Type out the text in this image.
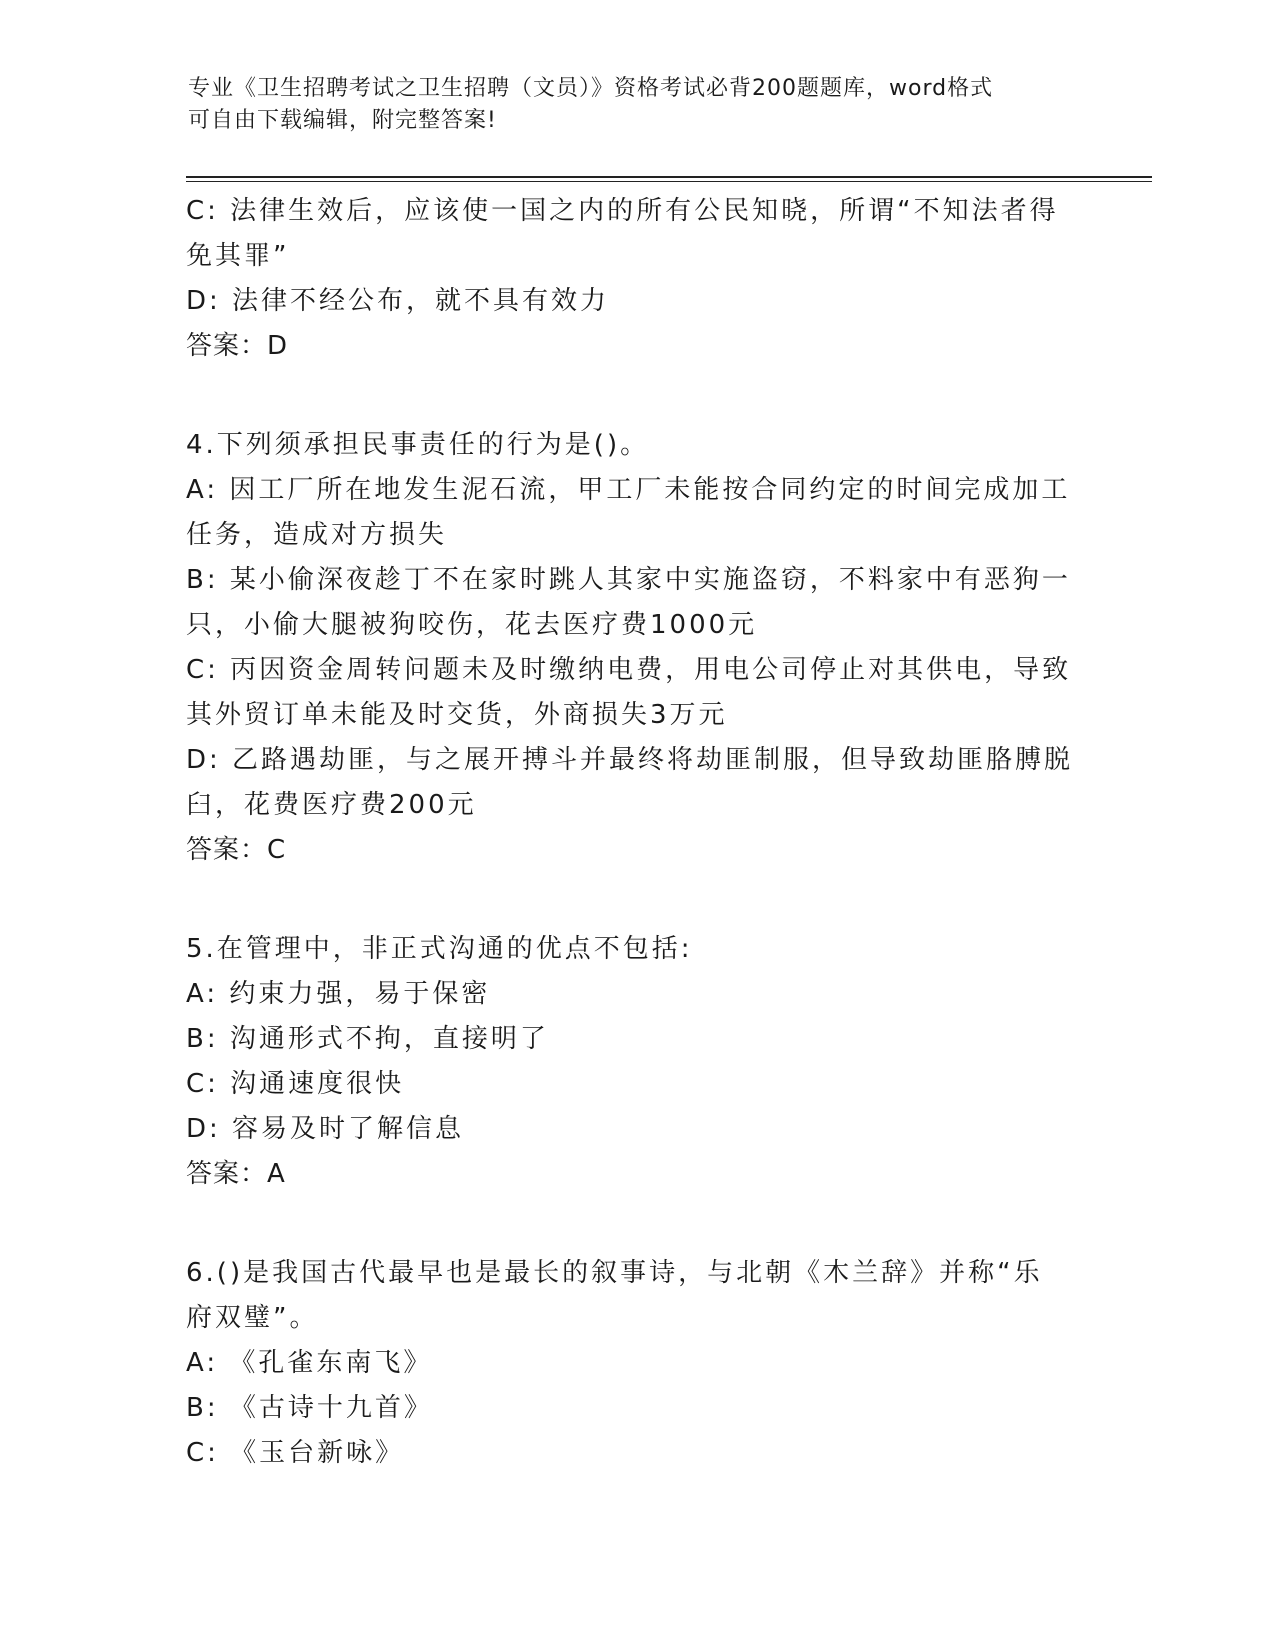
专业《卫生招聘考试之卫生招聘（文员）》资格考试必背200题题库，word格式
可自由下载编辑，附完整答案!
C: 法律生效后，应该使一国之内的所有公民知晓，所谓“不知法者得
免其罪”
D: 法律不经公布，就不具有效力
答案：D
4.下列须承担民事责任的行为是()。
A: 因工厂所在地发生泥石流，甲工厂未能按合同约定的时间完成加工
任务，造成对方损失
B: 某小偷深夜趁丁不在家时跳人其家中实施盗窃，不料家中有恶狗一
只，小偷大腿被狗咬伤，花去医疗费1000元
C: 丙因资金周转问题未及时缴纳电费，用电公司停止对其供电，导致
其外贸订单未能及时交货，外商损失3万元
D: 乙路遇劫匪，与之展开搏斗并最终将劫匪制服，但导致劫匪胳膊脱
臼，花费医疗费200元
答案：C
5.在管理中，非正式沟通的优点不包括:
A: 约束力强，易于保密
B: 沟通形式不拘，直接明了
C: 沟通速度很快
D: 容易及时了解信息
答案：A
6.()是我国古代最早也是最长的叙事诗，与北朝《木兰辞》并称“乐
府双璧”。
A: 《孔雀东南飞》
B: 《古诗十九首》
C: 《玉台新咏》
